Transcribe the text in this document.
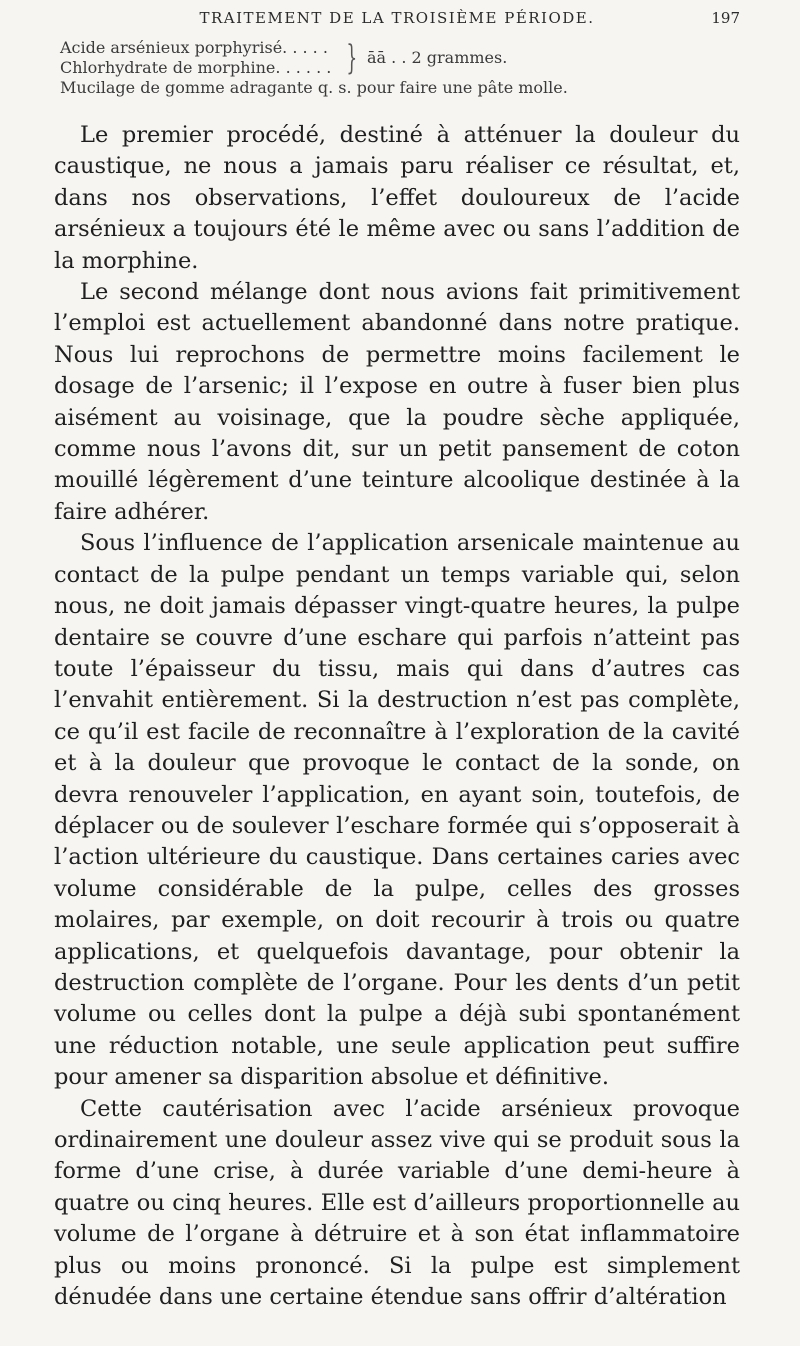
TRAITEMENT DE LA TROISIÈME PÉRIODE.	197
Acide arsénieux porphyrisé. . . . .
Chlorhydrate de morphine. . . . . . } āā . . 2 grammes.
Mucilage de gomme adragante q. s. pour faire une pâte molle.

Le premier procédé, destiné à atténuer la douleur du caustique, ne nous a jamais paru réaliser ce résultat, et, dans nos observations, l’effet douloureux de l’acide arsénieux a toujours été le même avec ou sans l’addition de la morphine.

Le second mélange dont nous avions fait primitivement l’emploi est actuellement abandonné dans notre pratique. Nous lui reprochons de permettre moins facilement le dosage de l’arsenic; il l’expose en outre à fuser bien plus aisément au voisinage, que la poudre sèche appliquée, comme nous l’avons dit, sur un petit pansement de coton mouillé légèrement d’une teinture alcoolique destinée à la faire adhérer.

Sous l’influence de l’application arsenicale maintenue au contact de la pulpe pendant un temps variable qui, selon nous, ne doit jamais dépasser vingt-quatre heures, la pulpe dentaire se couvre d’une eschare qui parfois n’atteint pas toute l’épaisseur du tissu, mais qui dans d’autres cas l’envahit entièrement. Si la destruction n’est pas complète, ce qu’il est facile de reconnaître à l’exploration de la cavité et à la douleur que provoque le contact de la sonde, on devra renouveler l’application, en ayant soin, toutefois, de déplacer ou de soulever l’eschare formée qui s’opposerait à l’action ultérieure du caustique. Dans certaines caries avec volume considérable de la pulpe, celles des grosses molaires, par exemple, on doit recourir à trois ou quatre applications, et quelquefois davantage, pour obtenir la destruction complète de l’organe. Pour les dents d’un petit volume ou celles dont la pulpe a déjà subi spontanément une réduction notable, une seule application peut suffire pour amener sa disparition absolue et définitive.

Cette cautérisation avec l’acide arsénieux provoque ordinairement une douleur assez vive qui se produit sous la forme d’une crise, à durée variable d’une demi-heure à quatre ou cinq heures. Elle est d’ailleurs proportionnelle au volume de l’organe à détruire et à son état inflammatoire plus ou moins prononcé. Si la pulpe est simplement dénudée dans une certaine étendue sans offrir d’altération
